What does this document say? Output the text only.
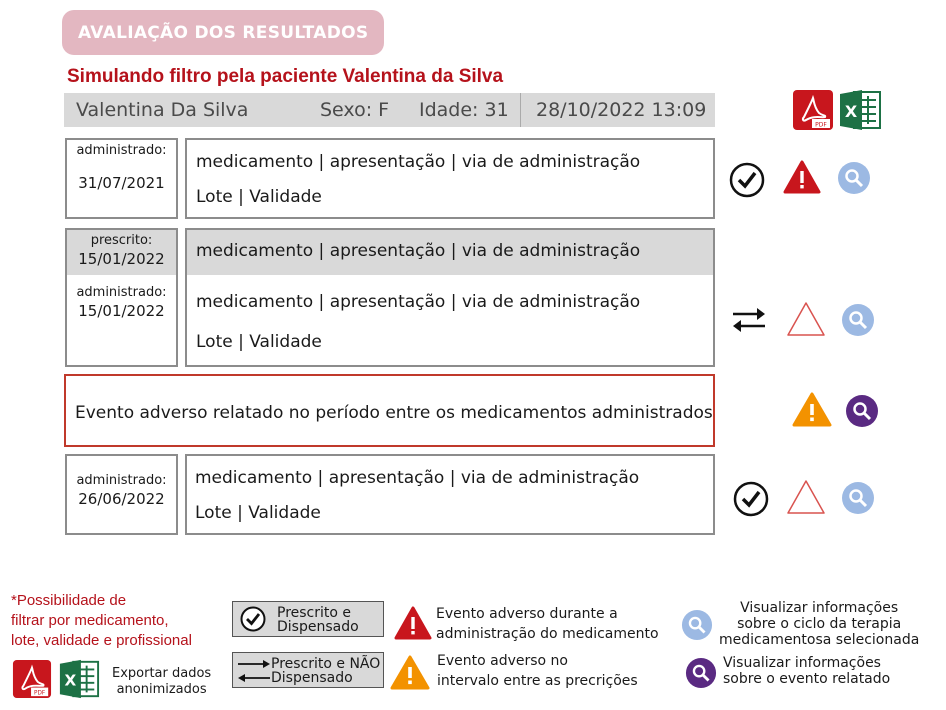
AVALIAÇÃO DOS RESULTADOS
Simulando filtro pela paciente Valentina da Silva
Valentina Da Silva	Sexo: F Idade: 31 28/10/2022 13:09
PDF
X
administrado:
31/07/2021
medicamento | apresentação | via de administração
Lote | Validade
prescrito:
15/01/2022
administrado:
15/01/2022
medicamento | apresentação | via de administração
medicamento | apresentação | via de administração
Lote | Validade
Evento adverso relatado no período entre os medicamentos administrados
administrado:
26/06/2022
medicamento | apresentação | via de administração
Lote | Validade
*Possibilidade de
filtrar por medicamento,
lote, validade e profissional
PDF
X	Exportar dados
anonimizados
Prescrito e
Dispensado
Prescrito e NÃO
Dispensado
Evento adverso durante a
administração do medicamento
Evento adverso no
intervalo entre as precrições
Visualizar informações
sobre o ciclo da terapia
medicamentosa selecionada
Visualizar informações
sobre o evento relatado
